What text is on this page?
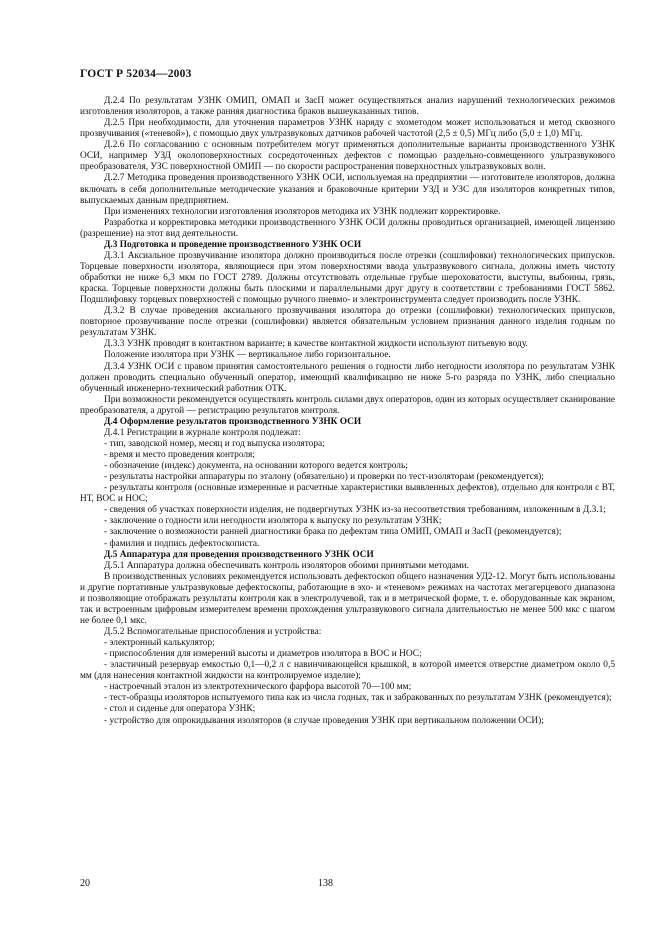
ГОСТ Р 52034—2003

Д.2.4 По результатам УЗНК ОМИП, ОМАП и ЗасП может осуществляться анализ нарушений технологических режимов изготовления изоляторов, а также ранняя диагностика браков вышеуказанных типов.

Д.2.5 При необходимости, для уточнения параметров УЗНК наряду с эхометодом может использоваться и метод сквозного прозвучивания («теневой»), с помощью двух ультразвуковых датчиков рабочей частотой (2,5 ± 0,5) МГц либо (5,0 ± 1,0) МГц.

Д.2.6 По согласованию с основным потребителем могут применяться дополнительные варианты производственного УЗНК ОСИ, например УЗД околоповерхностных сосредоточенных дефектов с помощью раздельно-совмещенного ультразвукового преобразователя, УЗС поверхностной ОМИП — по скорости распространения поверхностных ультразвуковых волн.

Д.2.7 Методика проведения производственного УЗНК ОСИ, используемая на предприятии — изготовителе изоляторов, должна включать в себя дополнительные методические указания и браковочные критерии УЗД и УЗС для изоляторов конкретных типов, выпускаемых данным предприятием.

При изменениях технологии изготовления изоляторов методика их УЗНК подлежит корректировке.

Разработка и корректировка методики производственного УЗНК ОСИ должны проводиться организацией, имеющей лицензию (разрешение) на этот вид деятельности.

Д.3 Подготовка и проведение производственного УЗНК ОСИ

Д.3.1 Аксиальное прозвучивание изолятора должно производиться после отрезки (сошлифовки) технологических припусков. Торцевые поверхности изолятора, являющиеся при этом поверхностями ввода ультразвукового сигнала, должны иметь чистоту обработки не ниже 6,3 мкм по ГОСТ 2789. Должны отсутствовать отдельные грубые шероховатости, выступы, выбоины, грязь, краска. Торцевые поверхности должны быть плоскими и параллельными друг другу в соответствии с требованиями ГОСТ 5862. Подшлифовку торцевых поверхностей с помощью ручного пневмо- и электроинструмента следует производить после УЗНК.

Д.3.2 В случае проведения аксиального прозвучивания изолятора до отрезки (сошлифовки) технологических припусков, повторное прозвучивание после отрезки (сошлифовки) является обязательным условием признания данного изделия годным по результатам УЗНК.

Д.3.3 УЗНК проводят в контактном варианте; в качестве контактной жидкости используют питьевую воду.

Положение изолятора при УЗНК — вертикальное либо горизонтальное.

Д.3.4 УЗНК ОСИ с правом принятия самостоятельного решения о годности либо негодности изолятора по результатам УЗНК должен проводить специально обученный оператор, имеющий квалификацию не ниже 5-го разряда по УЗНК, либо специально обученный инженерно-технический работник ОТК.

При возможности рекомендуется осуществлять контроль силами двух операторов, один из которых осуществляет сканирование преобразователя, а другой — регистрацию результатов контроля.

Д.4 Оформление результатов производственного УЗНК ОСИ

Д.4.1 Регистрации в журнале контроля подлежат:

- тип, заводской номер, месяц и год выпуска изолятора;

- время и место проведения контроля;

- обозначение (индекс) документа, на основании которого ведется контроль;

- результаты настройки аппаратуры по эталону (обязательно) и проверки по тест-изоляторам (рекомендуется);

- результаты контроля (основные измеренные и расчетные характеристики выявленных дефектов), отдельно для контроля с ВТ, НТ, ВОС и НОС;

- сведения об участках поверхности изделия, не подвергнутых УЗНК из-за несоответствия требованиям, изложенным в Д.3.1;

- заключение о годности или негодности изолятора к выпуску по результатам УЗНК;

- заключение о возможности ранней диагностики брака по дефектам типа ОМИП, ОМАП и ЗасП (рекомендуется);

- фамилия и подпись дефектоскописта.

Д.5 Аппаратура для проведения производственного УЗНК ОСИ

Д.5.1 Аппаратура должна обеспечивать контроль изоляторов обоими принятыми методами.

В производственных условиях рекомендуется использовать дефектоскоп общего назначения УД2-12. Могут быть использованы и другие портативные ультразвуковые дефектоскопы, работающие в эхо- и «теневом» режимах на частотах мегагерцевого диапазона и позволяющие отображать результаты контроля как в электролучевой, так и в метрической форме, т. е. оборудованные как экраном, так и встроенным цифровым измерителем времени прохождения ультразвукового сигнала длительностью не менее 500 мкс с шагом не более 0,1 мкс.

Д.5.2 Вспомогательные приспособления и устройства:

- электронный калькулятор;

- приспособления для измерений высоты и диаметров изолятора в ВОС и НОС;

- эластичный резервуар емкостью 0,1—0,2 л с навинчивающейся крышкой, в которой имеется отверстие диаметром около 0,5 мм (для нанесения контактной жидкости на контролируемое изделие);

- настроечный эталон из электротехнического фарфора высотой 70—100 мм;

- тест-образцы изоляторов испытуемого типа как из числа годных, так и забракованных по результатам УЗНК (рекомендуется);

- стол и сиденье для оператора УЗНК;

- устройство для опрокидывания изоляторов (в случае проведения УЗНК при вертикальном положении ОСИ);

20	138
